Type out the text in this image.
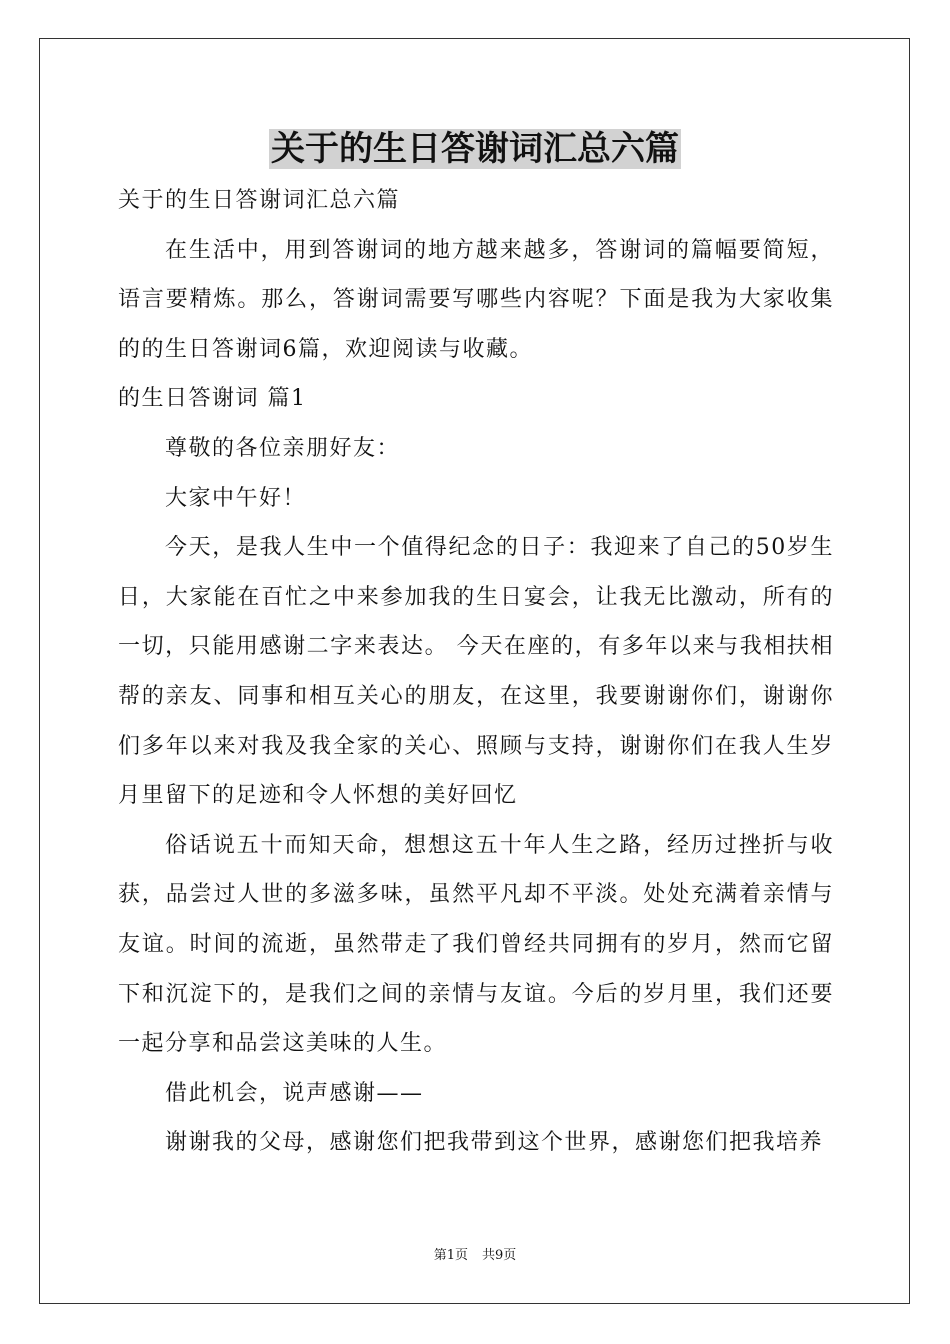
关于的生日答谢词汇总六篇

关于的生日答谢词汇总六篇

在生活中，用到答谢词的地方越来越多，答谢词的篇幅要简短，语言要精炼。那么，答谢词需要写哪些内容呢？下面是我为大家收集的的生日答谢词6篇，欢迎阅读与收藏。

的生日答谢词 篇1

尊敬的各位亲朋好友：

大家中午好！

今天，是我人生中一个值得纪念的日子：我迎来了自己的50岁生日，大家能在百忙之中来参加我的生日宴会，让我无比激动，所有的一切，只能用感谢二字来表达。 今天在座的，有多年以来与我相扶相帮的亲友、同事和相互关心的朋友，在这里，我要谢谢你们，谢谢你们多年以来对我及我全家的关心、照顾与支持，谢谢你们在我人生岁月里留下的足迹和令人怀想的美好回忆

俗话说五十而知天命，想想这五十年人生之路，经历过挫折与收获，品尝过人世的多滋多味，虽然平凡却不平淡。处处充满着亲情与友谊。时间的流逝，虽然带走了我们曾经共同拥有的岁月，然而它留下和沉淀下的，是我们之间的亲情与友谊。今后的岁月里，我们还要一起分享和品尝这美味的人生。

借此机会，说声感谢——

谢谢我的父母，感谢您们把我带到这个世界，感谢您们把我培养

第1页 共9页
